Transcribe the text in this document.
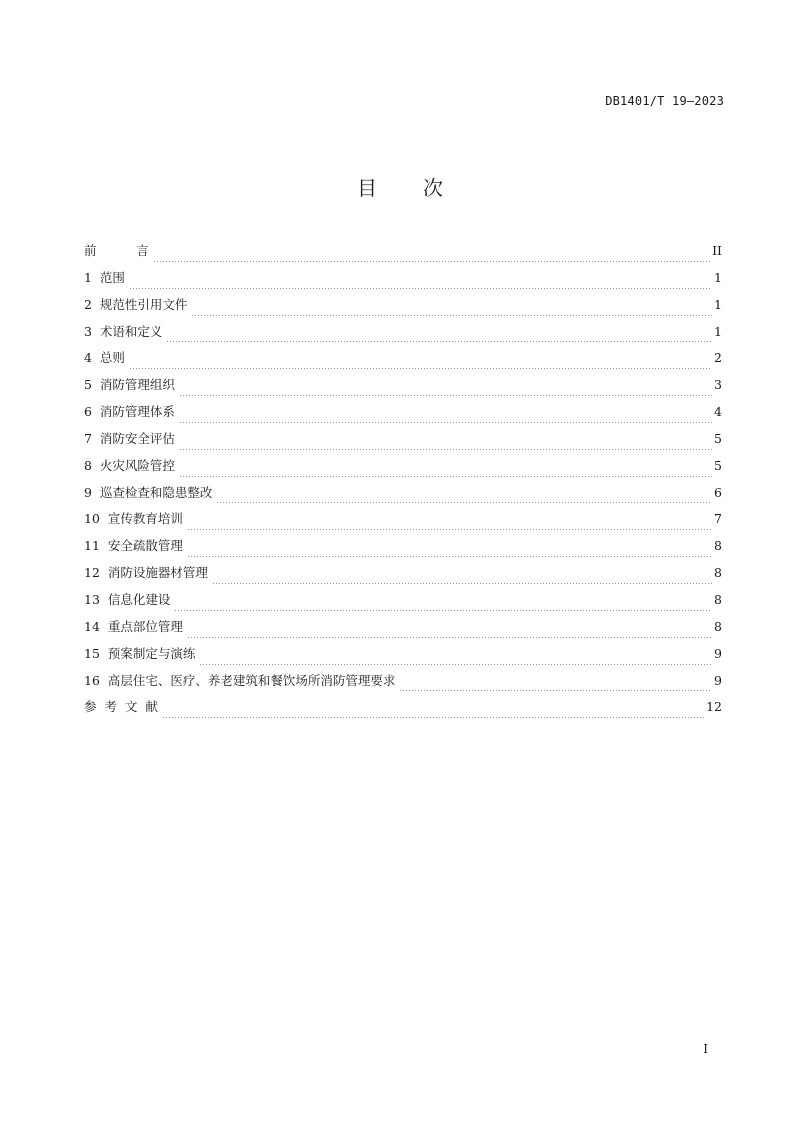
DB1401/T 19—2023
目 次
前          言	II
1  范围	1
2  规范性引用文件	1
3  术语和定义	1
4  总则	2
5  消防管理组织	3
6  消防管理体系	4
7  消防安全评估	5
8  火灾风险管控	5
9  巡查检查和隐患整改	6
10  宣传教育培训	7
11  安全疏散管理	8
12  消防设施器材管理	8
13  信息化建设	8
14  重点部位管理	8
15  预案制定与演练	9
16  高层住宅、医疗、养老建筑和餐饮场所消防管理要求	9
参  考  文  献	12
I
